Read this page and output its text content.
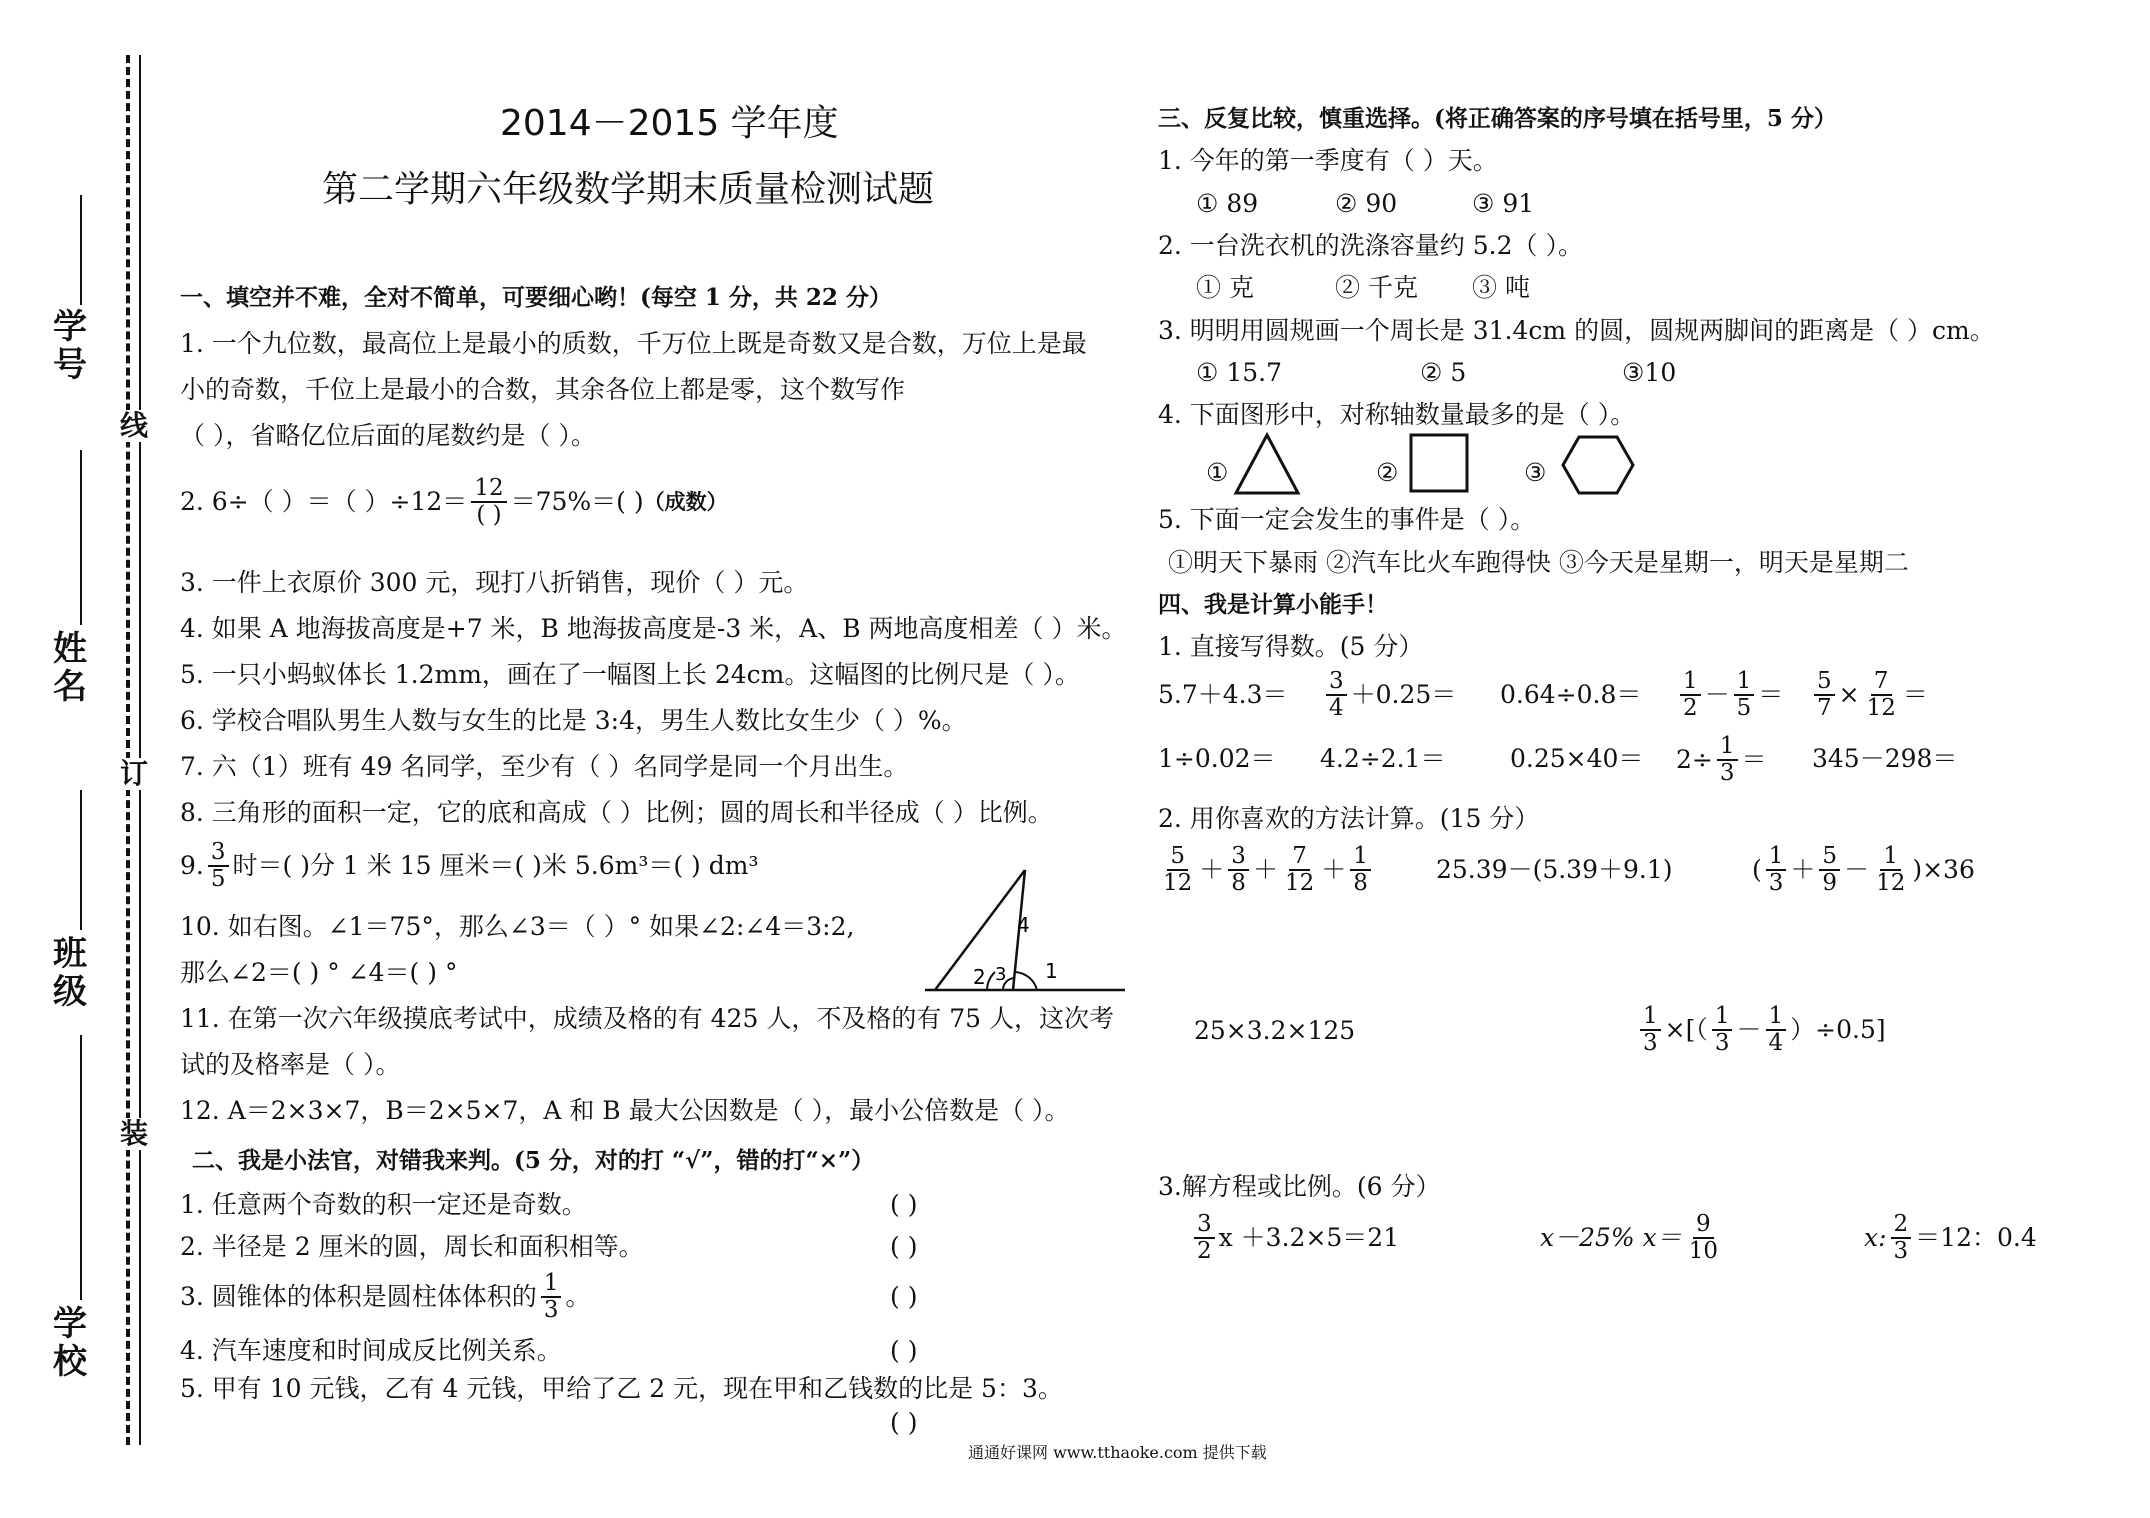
学号
姓名
班级
学校
线
订
装
2014－2015 学年度
第二学期六年级数学期末质量检测试题
一、填空并不难，全对不简单，可要细心哟！(每空 1 分，共 22 分）
1. 一个九位数，最高位上是最小的质数，千万位上既是奇数又是合数，万位上是最
小的奇数，千位上是最小的合数，其余各位上都是零，这个数写作
（ ），省略亿位后面的尾数约是（ ）。
2. 6÷（ ）＝（ ）$\div 12= \frac{12}{( )} =75\%=$( ) （成数）
3. 一件上衣原价 300 元，现打八折销售，现价（ ）元。
4. 如果 A 地海拔高度是+7 米，B 地海拔高度是-3 米，A、B 两地高度相差（ ）米。
5. 一只小蚂蚁体长 1.2mm，画在了一幅图上长 24cm。这幅图的比例尺是（ ）。
6. 学校合唱队男生人数与女生的比是 3:4，男生人数比女生少（ ）%。
7. 六（1）班有 49 名同学，至少有（ ）名同学是同一个月出生。
8. 三角形的面积一定，它的底和高成（ ）比例；圆的周长和半径成（ ）比例。
9. $\frac{3}{5}$ 时＝( )分 1 米 15 厘米＝( )米 5.6m³＝( ) dm³
10. 如右图。∠1＝75°，那么∠3＝（ ）° 如果∠2:∠4＝3:2,
那么∠2＝( ) ° ∠4＝( ) °
4
2 3 1
11. 在第一次六年级摸底考试中，成绩及格的有 425 人，不及格的有 75 人，这次考
试的及格率是（ ）。
12. A＝2×3×7，B＝2×5×7，A 和 B 最大公因数是（ ），最小公倍数是（ ）。
二、我是小法官，对错我来判。(5 分，对的打 “√”，错的打“×”）
1. 任意两个奇数的积一定还是奇数。	( )
2. 半径是 2 厘米的圆，周长和面积相等。	( )
3. 圆锥体的体积是圆柱体体积的 $\frac{1}{3}$ 。	( )
4. 汽车速度和时间成反比例关系。	( )
5. 甲有 10 元钱，乙有 4 元钱，甲给了乙 2 元，现在甲和乙钱数的比是 5：3。
( )
三、反复比较，慎重选择。(将正确答案的序号填在括号里，5 分）
1. 今年的第一季度有（ ）天。
① 89	② 90	③ 91
2. 一台洗衣机的洗涤容量约 5.2（ ）。
① 克	② 千克 ③ 吨
3. 明明用圆规画一个周长是 31.4cm 的圆，圆规两脚间的距离是（ ）cm。
① 15.7	② 5	③10
4. 下面图形中，对称轴数量最多的是（ ）。
①	②	③
5. 下面一定会发生的事件是（ ）。
①明天下暴雨 ②汽车比火车跑得快 ③今天是星期一，明天是星期二
四、我是计算小能手！
1. 直接写得数。(5 分）
$5.7+4.3= \frac{3}{4} +0.25= 0.64\div 0.8= \frac{1}{2} - \frac{1}{5} = \frac{5}{7} \times \frac{7}{12}$ ＝
1÷0.02＝ 4.2÷2.1＝	$0.25\times 40= 2\div \frac{1}{3} = 345-298=$
2. 用你喜欢的方法计算。(15 分）
$\frac{5}{12} + \frac{3}{8} + \frac{7}{12} + \frac{1}{8}$	25.39－(5.39＋9.1)	( $\frac{1}{3} + \frac{5}{9} - \frac{1}{12} )\times 36$
25×3.2×125	$\frac{1}{3}$ ×[（ $\frac{1}{3} - \frac{1}{4} )\div 0.5$]
3.解方程或比例。(6 分）
$\frac{3}{2}$ x ＋3.2×5＝21	x－25% $x= \frac{9}{10}$	x: $\frac{2}{3} =12$：0.4
通通好课网 www.tthaoke.com 提供下载
